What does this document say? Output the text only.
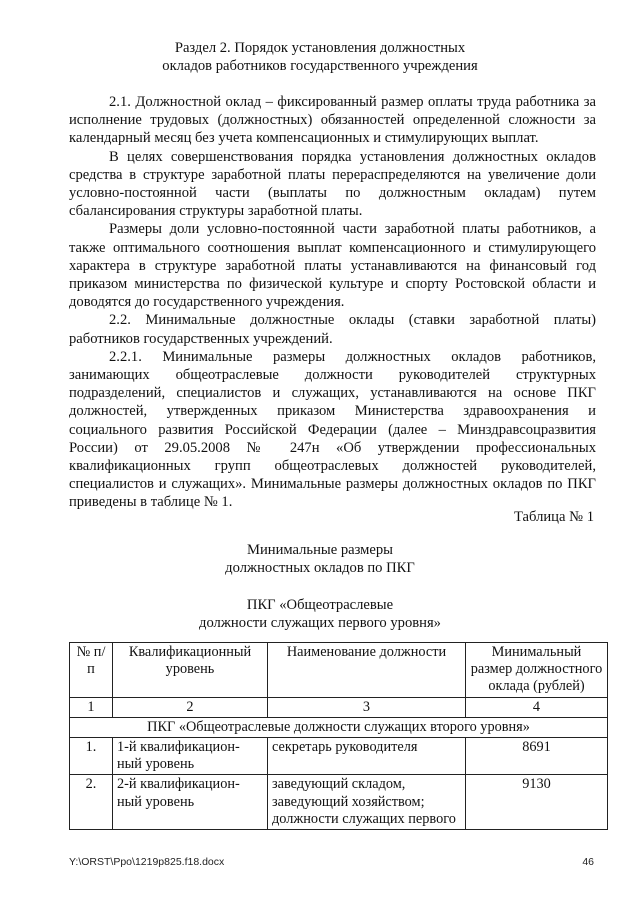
Раздел 2. Порядок установления должностных
окладов работников государственного учреждения

2.1. Должностной оклад – фиксированный размер оплаты труда работника за исполнение трудовых (должностных) обязанностей определенной сложности за календарный месяц без учета компенсационных и стимулирующих выплат.

В целях совершенствования порядка установления должностных окладов средства в структуре заработной платы перераспределяются на увеличение доли условно-постоянной части (выплаты по должностным окладам) путем сбалансирования структуры заработной платы.

Размеры доли условно-постоянной части заработной платы работников, а также оптимального соотношения выплат компенсационного и стимулирующего характера в структуре заработной платы устанавливаются на финансовый год приказом министерства по физической культуре и спорту Ростовской области и доводятся до государственного учреждения.

2.2. Минимальные должностные оклады (ставки заработной платы) работников государственных учреждений.

2.2.1. Минимальные размеры должностных окладов работников, занимающих общеотраслевые должности руководителей структурных подразделений, специалистов и служащих, устанавливаются на основе ПКГ должностей, утвержденных приказом Министерства здравоохранения и социального развития Российской Федерации (далее – Минздравсоцразвития России) от 29.05.2008 № 247н «Об утверждении профессиональных квалификационных групп общеотраслевых должностей руководителей, специалистов и служащих». Минимальные размеры должностных окладов по ПКГ приведены в таблице № 1.

Таблица № 1
Минимальные размеры
должностных окладов по ПКГ
ПКГ «Общеотраслевые
должности служащих первого уровня»
№ п/п	Квалификационный уровень	Наименование должности	Минимальный размер должностного оклада (рублей)
1	2	3	4
ПКГ «Общеотраслевые должности служащих второго уровня»			
1.	1-й квалификацион-ный уровень	секретарь руководителя	8691
2.	2-й квалификацион-ный уровень	заведующий складом, заведующий хозяйством; должности служащих первого	9130
Y:\ORST\Ppo\1219p825.f18.docx	46
